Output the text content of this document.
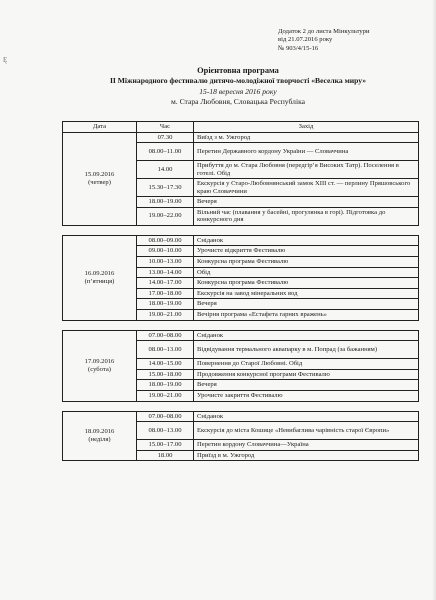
Ę
Додаток 2 до листа Мінкультури
від 21.07.2016 року
№ 903/4/15-16
Орієнтовна програма
ІІ Міжнародного фестивалю дитячо-молодіжної творчості «Веселка миру»
15-18 вересня 2016 року
м. Стара Любовня, Словацька Республіка
Дата	Час	Захід

15.09.2016
(четвер)	07.30	Виїзд з м. Ужгород
	08.00–11.00	Перетин Державного кордону України — Словаччина
	14.00	Прибуття до м. Стара Любовня (передгір’я Високих Татр). Поселення в готелі. Обід
	15.30–17.30	Екскурсія у Старо-Любовнянський замок XIII ст. — перлину Пряшовського краю Словаччини
	18.00–19.00	Вечеря
	19.00–22.00	Вільний час (плавання у басейні, прогулянка в горі). Підготовка до конкурсного дня

16.09.2016
(п’ятниця)	08.00–09.00	Сніданок
	09.00–10.00	Урочисте відкриття Фестивалю
	10.00–13.00	Конкурсна програма Фестивалю
	13.00–14.00	Обід
	14.00–17.00	Конкурсна програма Фестивалю
	17.00–18.00	Екскурсія на завод мінеральних вод
	18.00–19.00	Вечеря
	19.00–21.00	Вечірня програма «Естафета гарних вражень»

17.09.2016
(субота)	07.00–08.00	Сніданок
	08.00–13.00	Відвідування термального аквапарку в м. Попрад (за бажанням)
	14.00–15.00	Повернення до Старої Любовні. Обід
	15.00–18.00	Продовження конкурсної програми Фестивалю
	18.00–19.00	Вечеря
	19.00–21.00	Урочисте закриття Фестивалю

18.09.2016
(неділя)	07.00–08.00	Сніданок
	08.00–13.00	Екскурсія до міста Кошице «Невибаглива чарівність старої Європи»
	15.00–17.00	Перетин кордону Словаччина—Україна
	18.00	Приїзд в м. Ужгород
